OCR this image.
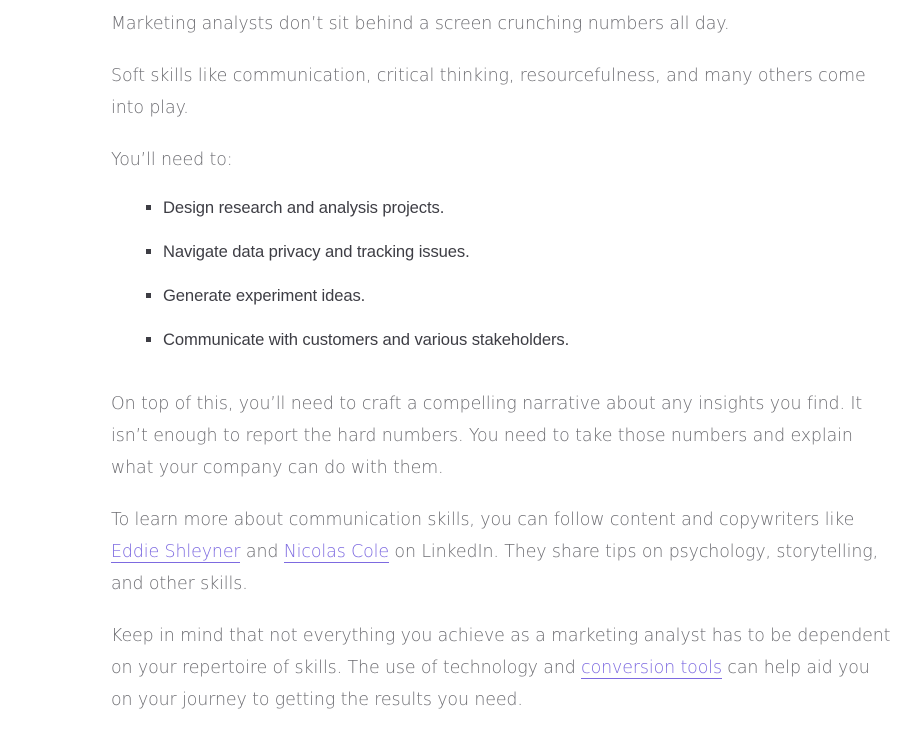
Marketing analysts don’t sit behind a screen crunching numbers all day.

Soft skills like communication, critical thinking, resourcefulness, and many others come into play.

You’ll need to:

Design research and analysis projects.
Navigate data privacy and tracking issues.
Generate experiment ideas.
Communicate with customers and various stakeholders.

On top of this, you’ll need to craft a compelling narrative about any insights you find. It isn’t enough to report the hard numbers. You need to take those numbers and explain what your company can do with them.

To learn more about communication skills, you can follow content and copywriters like Eddie Shleyner and Nicolas Cole on LinkedIn. They share tips on psychology, storytelling, and other skills.

Keep in mind that not everything you achieve as a marketing analyst has to be dependent on your repertoire of skills. The use of technology and conversion tools can help aid you on your journey to getting the results you need.
